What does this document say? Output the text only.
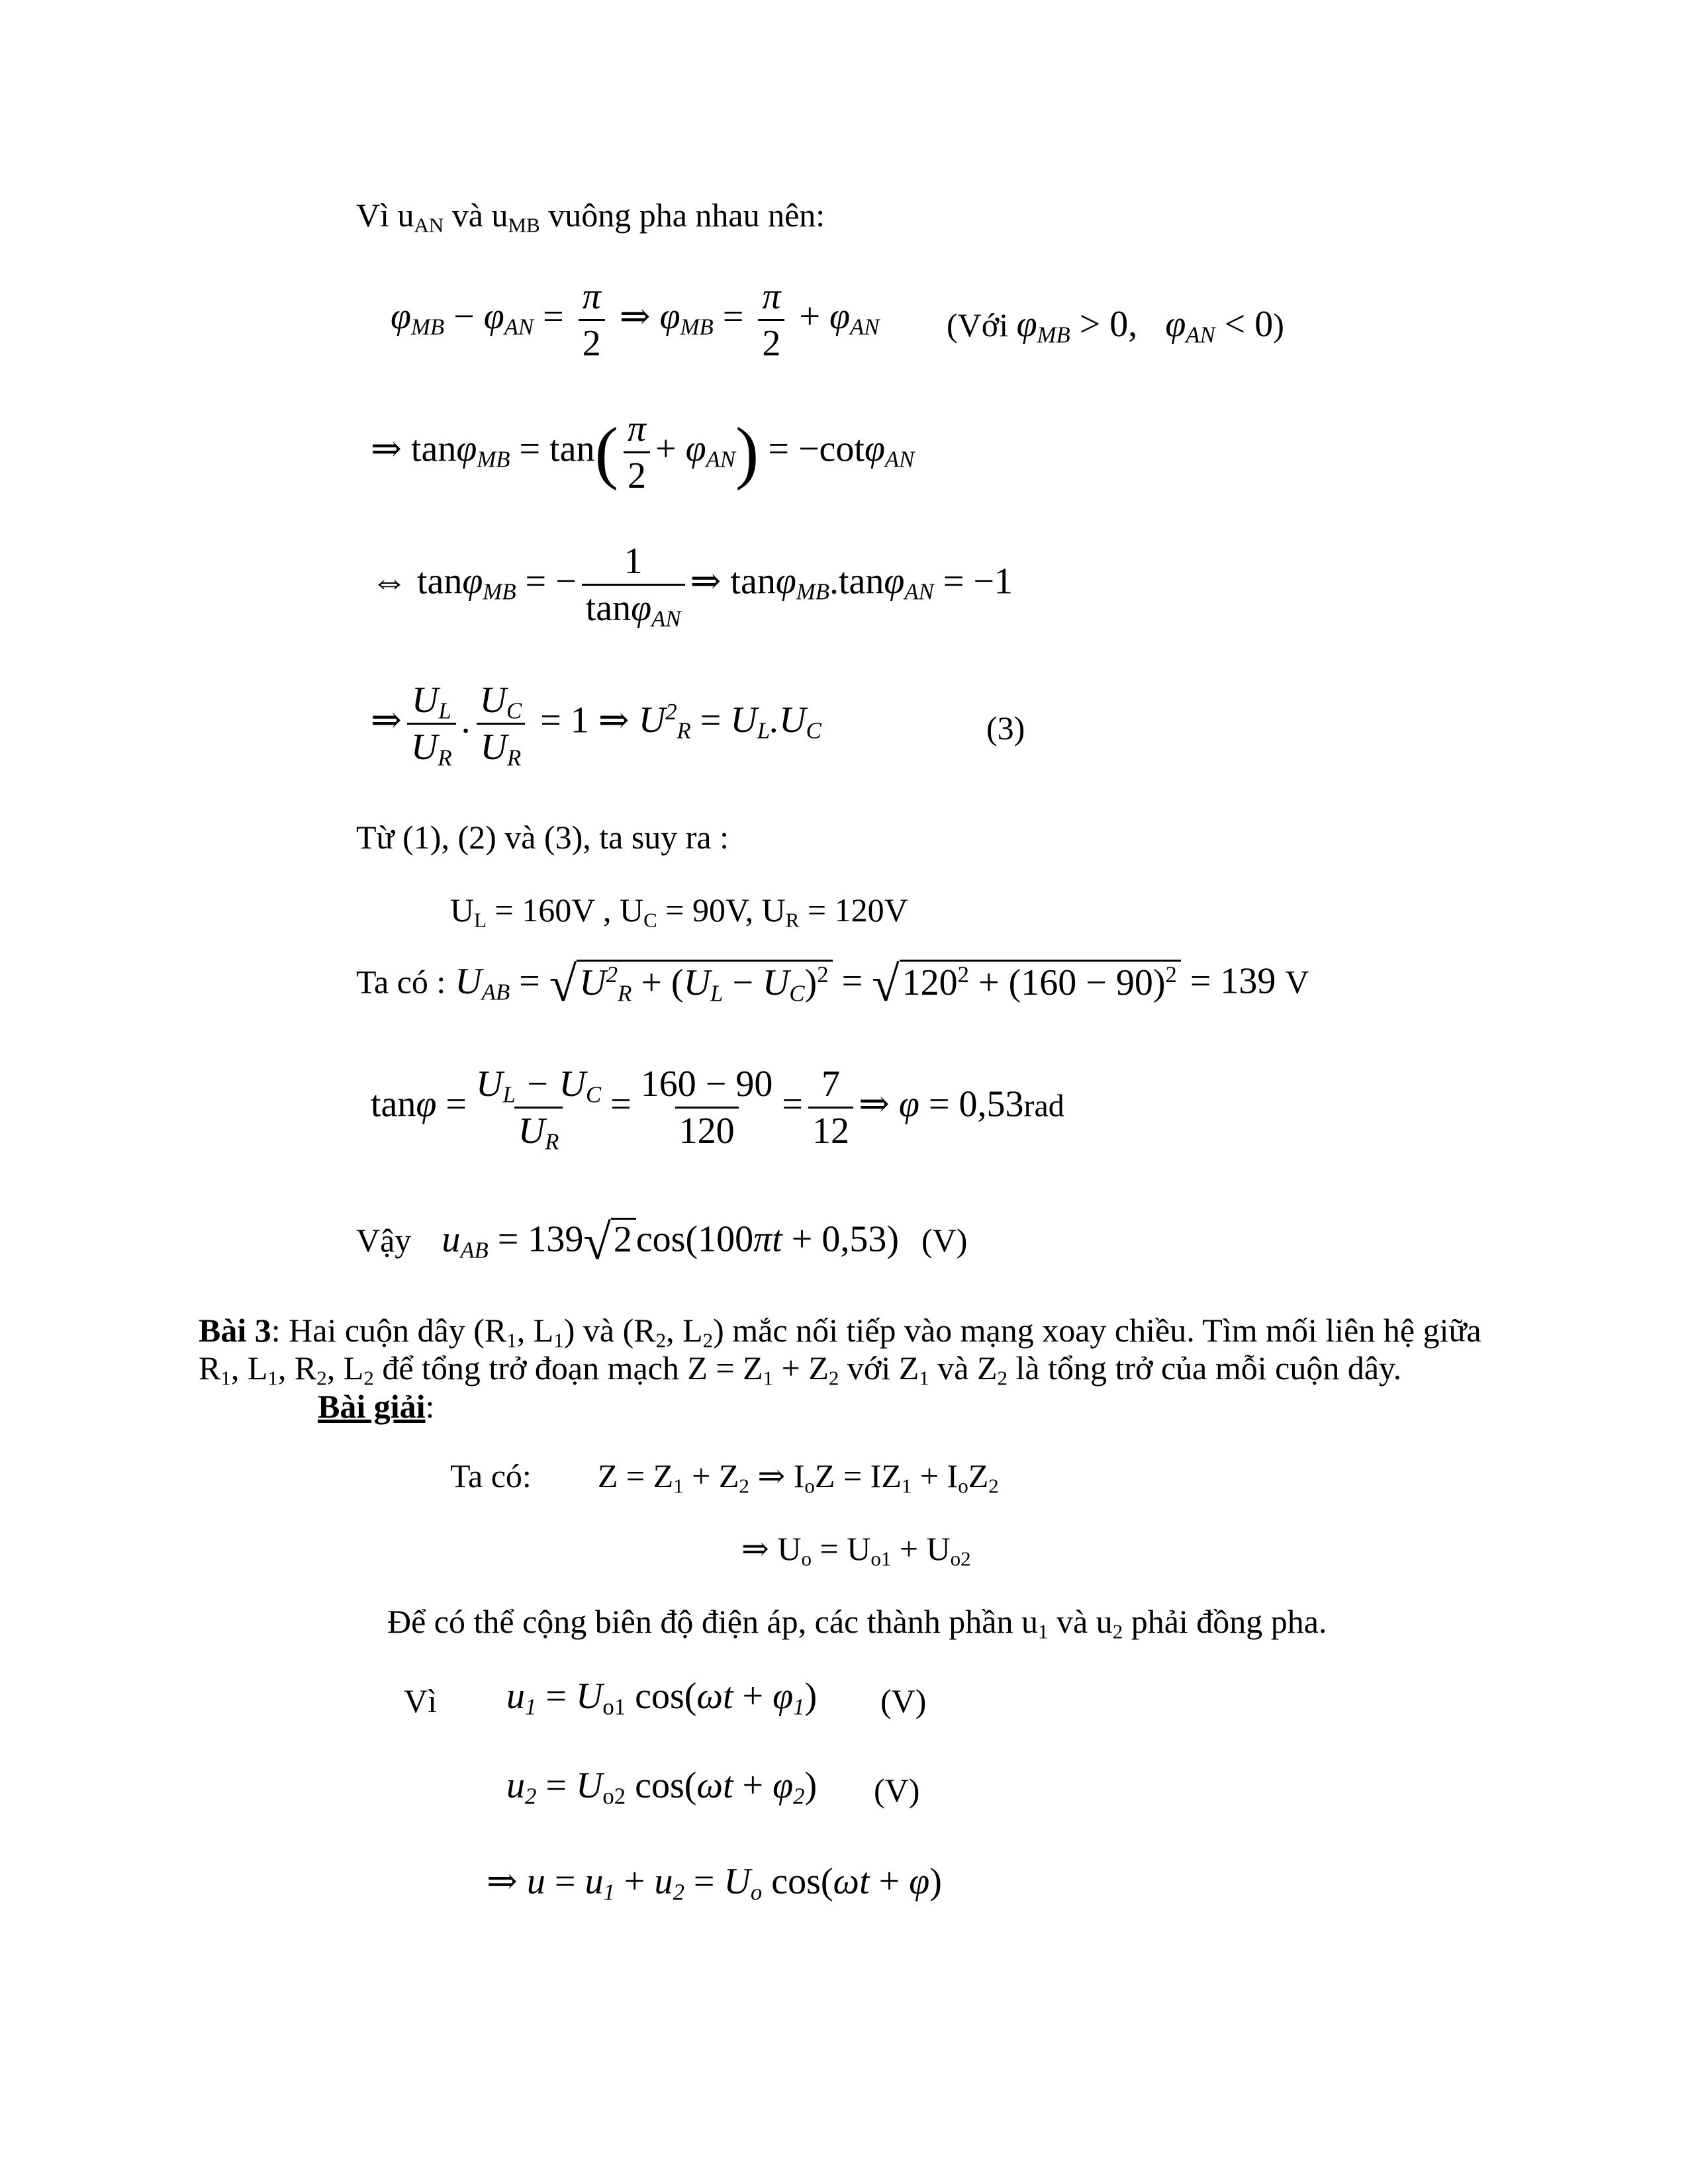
Vì $u_{AN}$ và $u_{MB}$ vuông pha nhau nên:
$\varphi_{MB} - \varphi_{AN} = \frac{\pi}{2}$ ⇒ $\varphi_{MB} = \frac{\pi}{2} + \varphi_{AN}$ (Với $\varphi_{MB} > 0$,   $\varphi_{AN} < 0$)
⇒ $\tan\varphi_{MB} = \tan( \frac{\pi}{2} + \varphi_{AN}) = -\cot\varphi_{AN}$
⇔ tanφ$_{MB}$ = − $\frac{1}{\tan\varphi_{AN}}$ ⇒ tanφ$_{MB}$.tanφ$_{AN}$ = −1
⇒ $\frac{U_L}{U_R}$ . $\frac{U_C}{U_R} = 1$ ⇒ $U^2_R = U_L.U_C$	(3)
Từ (1), (2) và (3), ta suy ra :
$U_L = 160V$ , $U_C = 90V$, $U_R = 120V$
Ta có : $U_{AB}$ = √ $U^2_R + (U_L - U_C)^2$ = √ $120^2 + (160 - 90)^2 = 139$ V
$\tan\varphi = \frac{U_L - U_C}{U_R} = \frac{160 - 90}{120} = \frac{7}{12}$ ⇒ φ = 0,53rad
Vậy $u_{AB} = 139$ √ 2 cos(100πt + 0,53) (V)
Bài 3: Hai cuộn dây ($R_1$, $L_1$) và ($R_2$, $L_2$) mắc nối tiếp vào mạng xoay chiều. Tìm mối liên hệ giữa
$R_1$, $L_1$, $R_2$, $L_2$ để tổng trở đoạn mạch $Z = Z_1 + Z_2$ với $Z_1$ và $Z_2$ là tổng trở của mỗi cuộn dây.
Bài giải:
Ta có:        $Z = Z_1 + Z_2$ ⇒ $I_oZ = IZ_1 + I_oZ_2$
⇒ $U_o = U_{o1} + U_{o2}$
Để có thể cộng biên độ điện áp, các thành phần $u_1$ và $u_2$ phải đồng pha.
Vì $u_1 = U_{o1}$ $\cos(\omega t + \varphi_1)$ (V)
$u_2 = U_{o2}$ $\cos(\omega t + \varphi_2)$ (V)
⇒ $u = u_1 + u_2 = U_o$ cos(ωt + φ)
